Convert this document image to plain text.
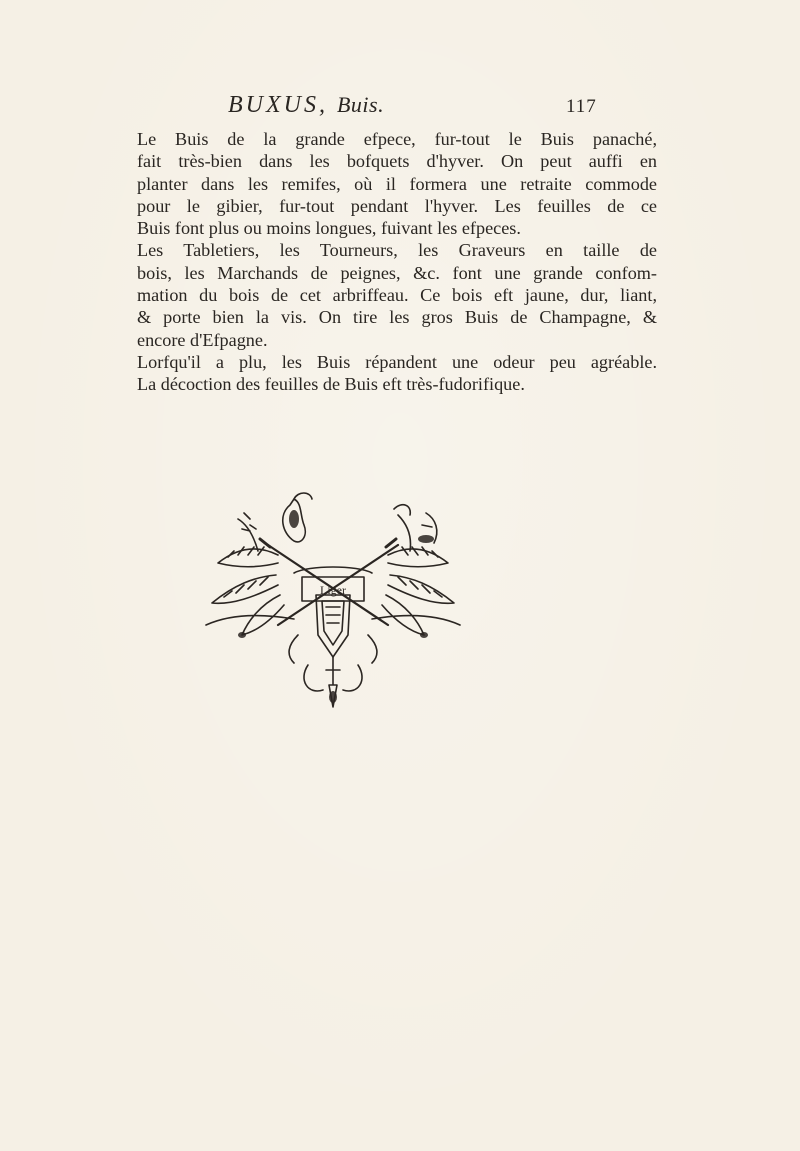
BUXUS, Buis.	117
Le Buis de la grande efpece, fur-tout le Buis panaché,
fait très-bien dans les bofquets d'hyver. On peut auffi en
planter dans les remifes, où il formera une retraite commode
pour le gibier, fur-tout pendant l'hyver. Les feuilles de ce
Buis font plus ou moins longues, fuivant les efpeces.
Les Tabletiers, les Tourneurs, les Graveurs en taille de
bois, les Marchands de peignes, &c. font une grande confom-
mation du bois de cet arbriffeau. Ce bois eft jaune, dur, liant,
& porte bien la vis. On tire les gros Buis de Champagne, &
encore d'Efpagne.
Lorfqu'il a plu, les Buis répandent une odeur peu agréable.
La décoction des feuilles de Buis eft très-fudorifique.
Liger
